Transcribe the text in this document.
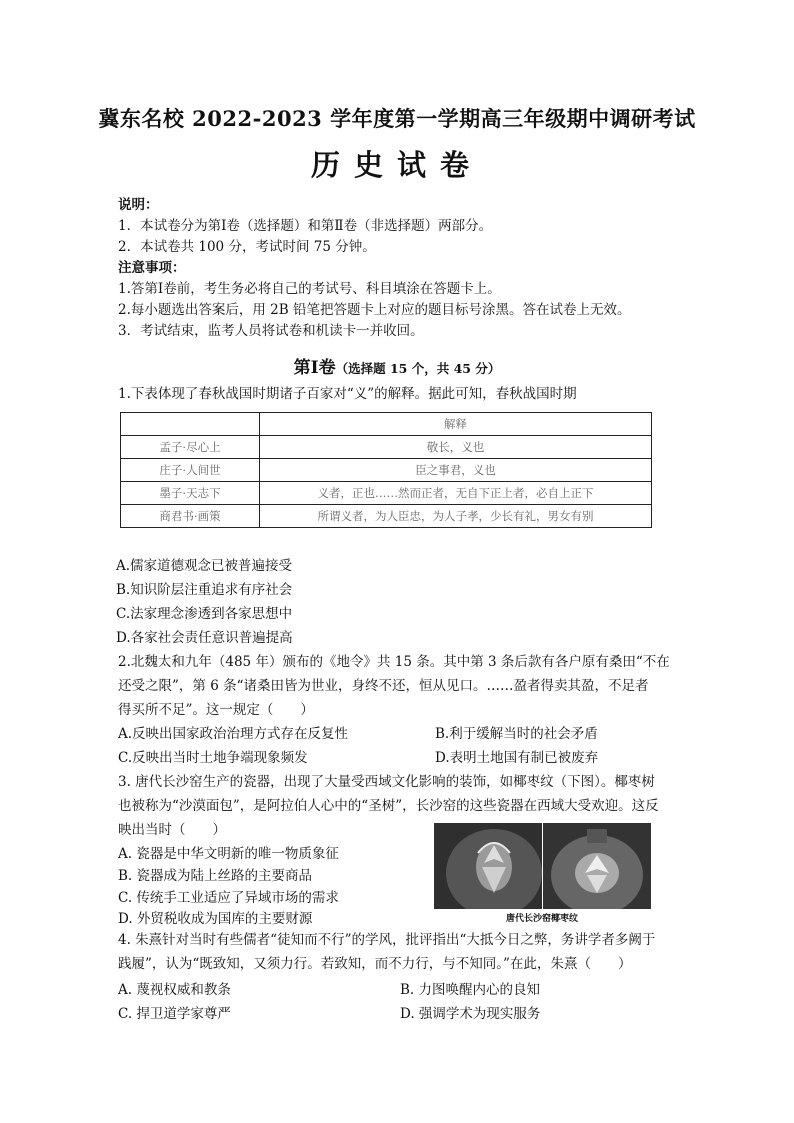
冀东名校 2022-2023 学年度第一学期高三年级期中调研考试
历史试卷
说明：
1．本试卷分为第Ⅰ卷（选择题）和第Ⅱ卷（非选择题）两部分。
2．本试卷共 100 分，考试时间 75 分钟。
注意事项：
1.答第Ⅰ卷前，考生务必将自己的考试号、科目填涂在答题卡上。
2.每小题选出答案后，用 2B 铅笔把答题卡上对应的题目标号涂黑。答在试卷上无效。
3．考试结束，监考人员将试卷和机读卡一并收回。
第Ⅰ卷（选择题 15 个，共 45 分）
1.下表体现了春秋战国时期诸子百家对“义”的解释。据此可知，春秋战国时期
	解释
孟子·尽心上	敬长，义也
庄子·人间世	臣之事君，义也
墨子·天志下	义者，正也……然而正者，无自下正上者，必自上正下
商君书·画策	所谓义者，为人臣忠，为人子孝，少长有礼，男女有别
A.儒家道德观念已被普遍接受
B.知识阶层注重追求有序社会
C.法家理念渗透到各家思想中
D.各家社会责任意识普遍提高
2.北魏太和九年（485 年）颁布的《地令》共 15 条。其中第 3 条后款有各户原有桑田“不在
还受之限”，第 6 条“诸桑田皆为世业，身终不还，恒从见口。……盈者得卖其盈，不足者
得买所不足”。这一规定（　　）
A.反映出国家政治治理方式存在反复性	B.利于缓解当时的社会矛盾
C.反映出当时土地争端现象频发	D.表明土地国有制已被废弃
3. 唐代长沙窑生产的瓷器，出现了大量受西域文化影响的装饰，如椰枣纹（下图）。椰枣树
也被称为“沙漠面包”，是阿拉伯人心中的“圣树”，长沙窑的这些瓷器在西域大受欢迎。这反
映出当时（　　）
A. 瓷器是中华文明新的唯一物质象征
B. 瓷器成为陆上丝路的主要商品
C. 传统手工业适应了异域市场的需求
D. 外贸税收成为国库的主要财源	唐代长沙窑椰枣纹
4. 朱熹针对当时有些儒者“徒知而不行”的学风，批评指出“大抵今日之弊，务讲学者多阙于
践履”，认为“既致知，又须力行。若致知，而不力行，与不知同。”在此，朱熹（　　）
A. 蔑视权威和教条	B. 力图唤醒内心的良知
C. 捍卫道学家尊严	D. 强调学术为现实服务
